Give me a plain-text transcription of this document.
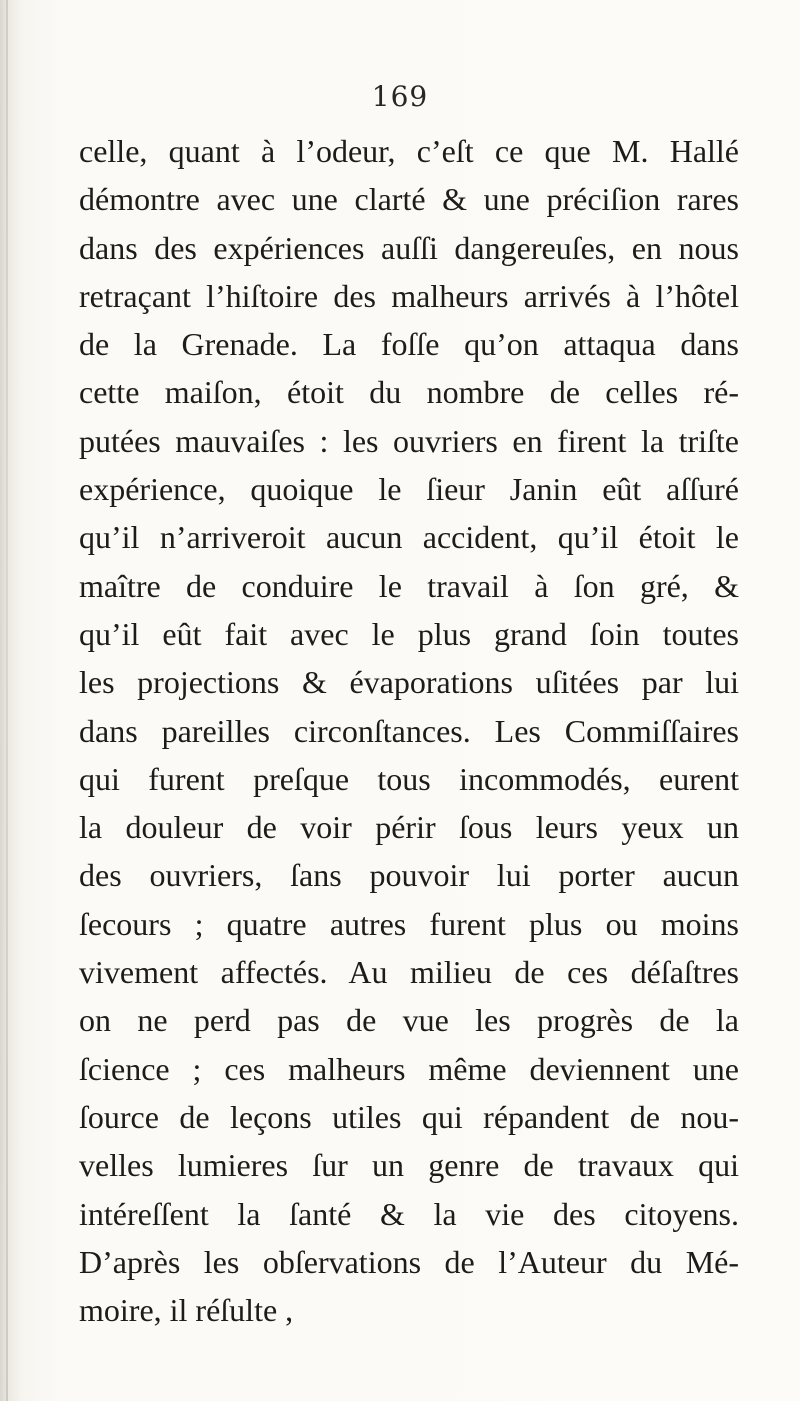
169
celle, quant à l’odeur, c’eſt ce que M. Hallé
démontre avec une clarté & une préciſion rares
dans des expériences auſſi dangereuſes, en nous
retraçant l’hiſtoire des malheurs arrivés à l’hôtel
de la Grenade. La foſſe qu’on attaqua dans
cette maiſon, étoit du nombre de celles ré-
putées mauvaiſes : les ouvriers en firent la triſte
expérience, quoique le ſieur Janin eût aſſuré
qu’il n’arriveroit aucun accident, qu’il étoit le
maître de conduire le travail à ſon gré, &
qu’il eût fait avec le plus grand ſoin toutes
les projections & évaporations uſitées par lui
dans pareilles circonſtances. Les Commiſſaires
qui furent preſque tous incommodés, eurent
la douleur de voir périr ſous leurs yeux un
des ouvriers, ſans pouvoir lui porter aucun
ſecours ; quatre autres furent plus ou moins
vivement affectés. Au milieu de ces déſaſtres
on ne perd pas de vue les progrès de la
ſcience ; ces malheurs même deviennent une
ſource de leçons utiles qui répandent de nou-
velles lumieres ſur un genre de travaux qui
intéreſſent la ſanté & la vie des citoyens.
D’après les obſervations de l’Auteur du Mé-
moire, il réſulte ,
